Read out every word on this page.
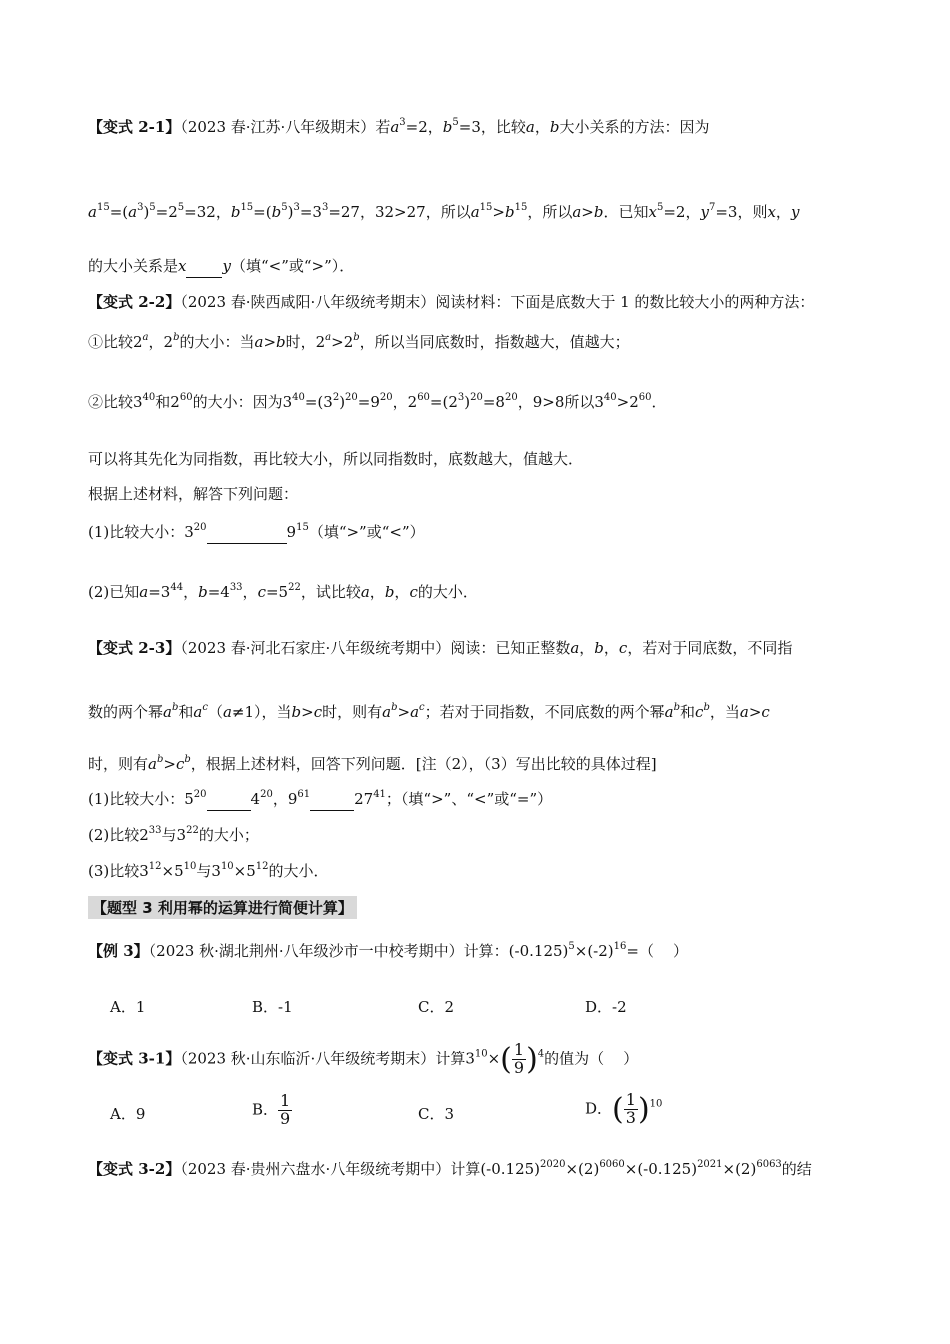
【变式 2-1】（2023 春·江苏·八年级期末）若$a^3=2$，$b^5=3$，比较a，b大小关系的方法：因为
$a^{15}=(a^3)^5=2^5=32$，$b^{15}=(b^5)^3=3^3=27$，32>27，所以$a^{15}>b^{15}$，所以a>b．已知$x^5=2$，$y^7=3$，则x，y
的大小关系是x y（填“<”或“>”）．
【变式 2-2】（2023 春·陕西咸阳·八年级统考期末）阅读材料：下面是底数大于 1 的数比较大小的两种方法：
①比较2$^a$，2$^b$的大小：当a>b时，$2^a>2^b$，所以当同底数时，指数越大，值越大；
②比较$3^{40}$和$2^{60}$的大小：因为$3^{40}=(3^2)^{20}=9^{20}$，$2^{60}=(2^3)^{20}=8^{20}$，9>8所以$3^{40}>2^{60}$．
可以将其先化为同指数，再比较大小，所以同指数时，底数越大，值越大．
根据上述材料，解答下列问题：
(1)比较大小：$3^{20}$	$9^{15}$（填“>”或“<”）
(2)已知$a=3^{44}$，$b=4^{33}$，$c=5^{22}$，试比较a，b，c的大小．
【变式 2-3】（2023 春·河北石家庄·八年级统考期中）阅读：已知正整数a，b，c，若对于同底数，不同指
数的两个幂$a^b$和$a^c(a\ne 1)$，当b>c时，则有$a^b>a^c$；若对于同指数，不同底数的两个幂$a^b$和$c^b$，当a>c
时，则有$a^b>c^b$，根据上述材料，回答下列问题．[注（2），（3）写出比较的具体过程]
(1)比较大小：$5^{20}$	$4^{20}$，$9^{61}$	$27^{41}$；（填“>”、“<”或“=”）
(2)比较$2^{33}$与$3^{22}$的大小；
(3)比较$3^{12}\times 5^{10}$与$3^{10}\times 5^{12}$的大小．
【题型 3 利用幂的运算进行简便计算】
【例 3】（2023 秋·湖北荆州·八年级沙市一中校考期中）计算：$(-0.125)^5\times(-2)^{16}=$（    ）
A．1	B．-1	C．2	D．-2
【变式 3-1】（2023 秋·山东临沂·八年级统考期末）计算$3^{10}\times( \frac{1}{9} )^4$的值为（    ）
A．9	B． $\frac{1}{9}$	C．3	D．( $\frac{1}{3} )^{10}$
【变式 3-2】（2023 春·贵州六盘水·八年级统考期中）计算$(-0.125)^{2020}\times(2)^{6060}\times(-0.125)^{2021}\times(2)^{6063}$的结
